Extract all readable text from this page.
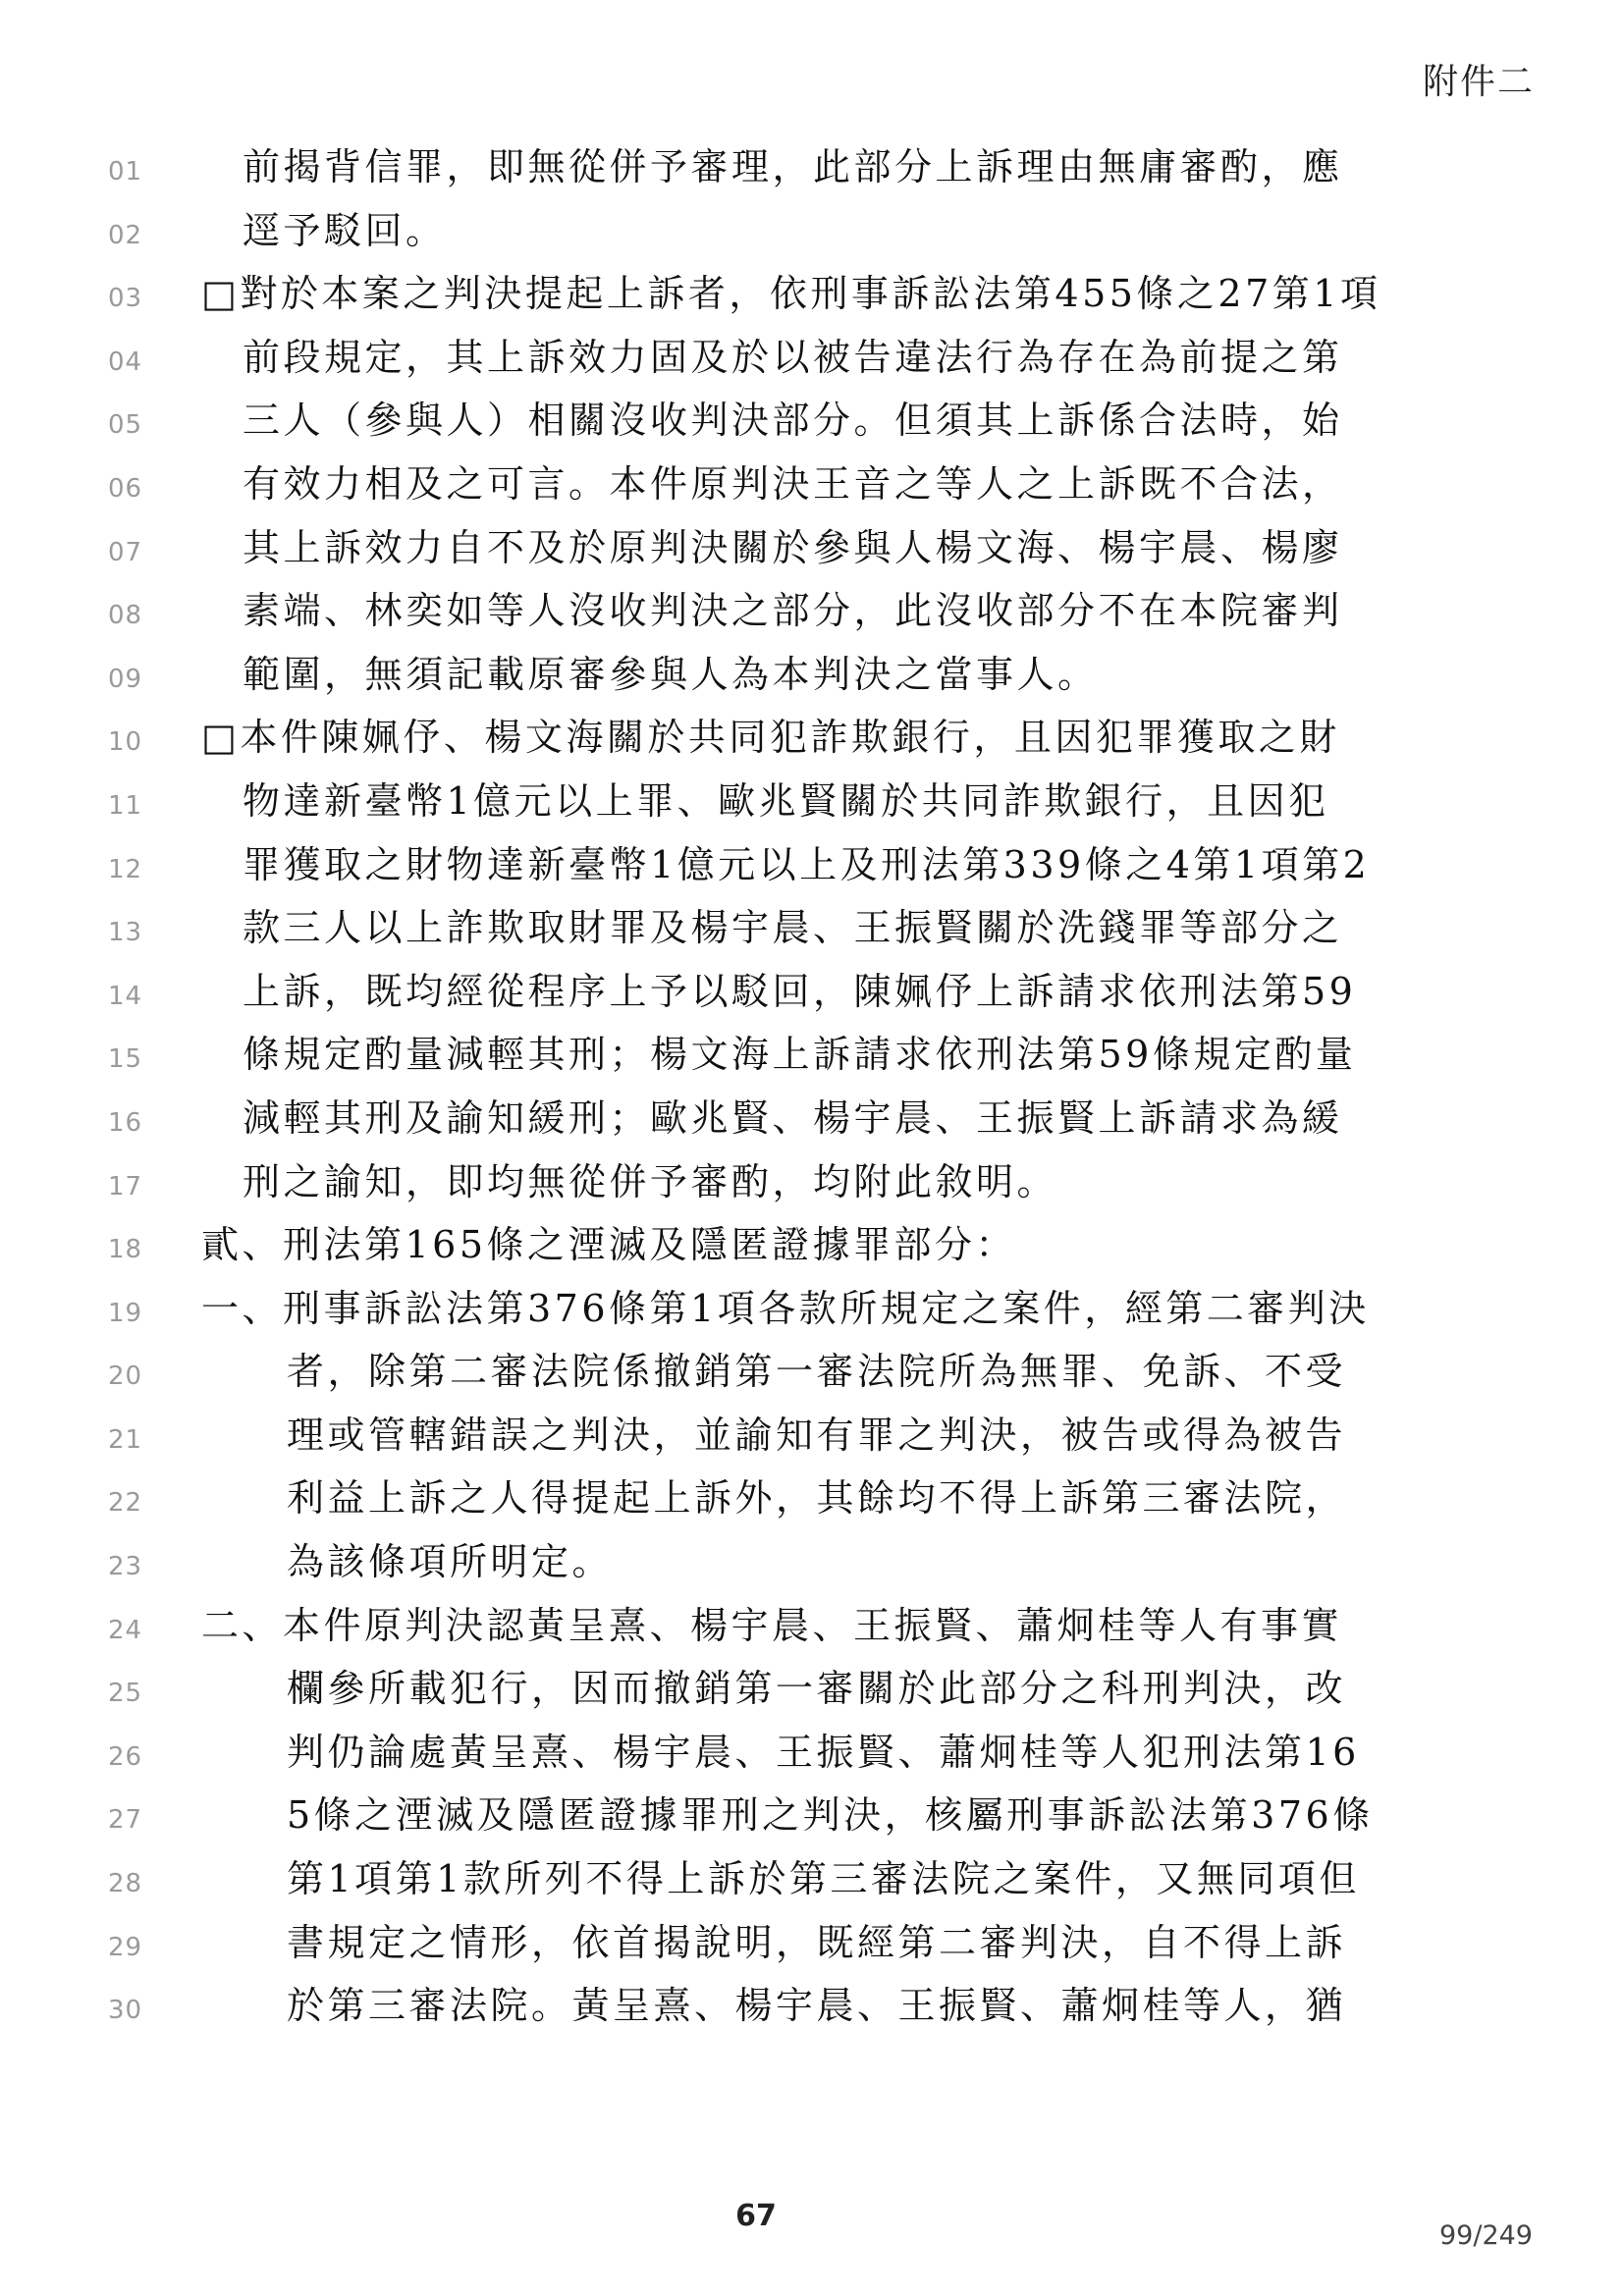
附件二
01	前揭背信罪，即無從併予審理，此部分上訴理由無庸審酌，應
02	逕予駁回。
03 □對於本案之判決提起上訴者，依刑事訴訟法第455條之27第1項
04	前段規定，其上訴效力固及於以被告違法行為存在為前提之第
05	三人（參與人）相關沒收判決部分。但須其上訴係合法時，始
06	有效力相及之可言。本件原判決王音之等人之上訴既不合法，
07	其上訴效力自不及於原判決關於參與人楊文海、楊宇晨、楊廖
08	素端、林奕如等人沒收判決之部分，此沒收部分不在本院審判
09	範圍，無須記載原審參與人為本判決之當事人。
10 □本件陳姵伃、楊文海關於共同犯詐欺銀行，且因犯罪獲取之財
11	物達新臺幣1億元以上罪、歐兆賢關於共同詐欺銀行，且因犯
12	罪獲取之財物達新臺幣1億元以上及刑法第339條之4第1項第2
13	款三人以上詐欺取財罪及楊宇晨、王振賢關於洗錢罪等部分之
14	上訴，既均經從程序上予以駁回，陳姵伃上訴請求依刑法第59
15	條規定酌量減輕其刑；楊文海上訴請求依刑法第59條規定酌量
16	減輕其刑及諭知緩刑；歐兆賢、楊宇晨、王振賢上訴請求為緩
17	刑之諭知，即均無從併予審酌，均附此敘明。
18 貳、刑法第165條之湮滅及隱匿證據罪部分：
19 一、刑事訴訟法第376條第1項各款所規定之案件，經第二審判決
20	者，除第二審法院係撤銷第一審法院所為無罪、免訴、不受
21	理或管轄錯誤之判決，並諭知有罪之判決，被告或得為被告
22	利益上訴之人得提起上訴外，其餘均不得上訴第三審法院，
23	為該條項所明定。
24 二、本件原判決認黃呈熹、楊宇晨、王振賢、蕭炯桂等人有事實
25	欄參所載犯行，因而撤銷第一審關於此部分之科刑判決，改
26	判仍論處黃呈熹、楊宇晨、王振賢、蕭炯桂等人犯刑法第16
27	5條之湮滅及隱匿證據罪刑之判決，核屬刑事訴訟法第376條
28	第1項第1款所列不得上訴於第三審法院之案件，又無同項但
29	書規定之情形，依首揭說明，既經第二審判決，自不得上訴
30	於第三審法院。黃呈熹、楊宇晨、王振賢、蕭炯桂等人，猶
67
99/249
